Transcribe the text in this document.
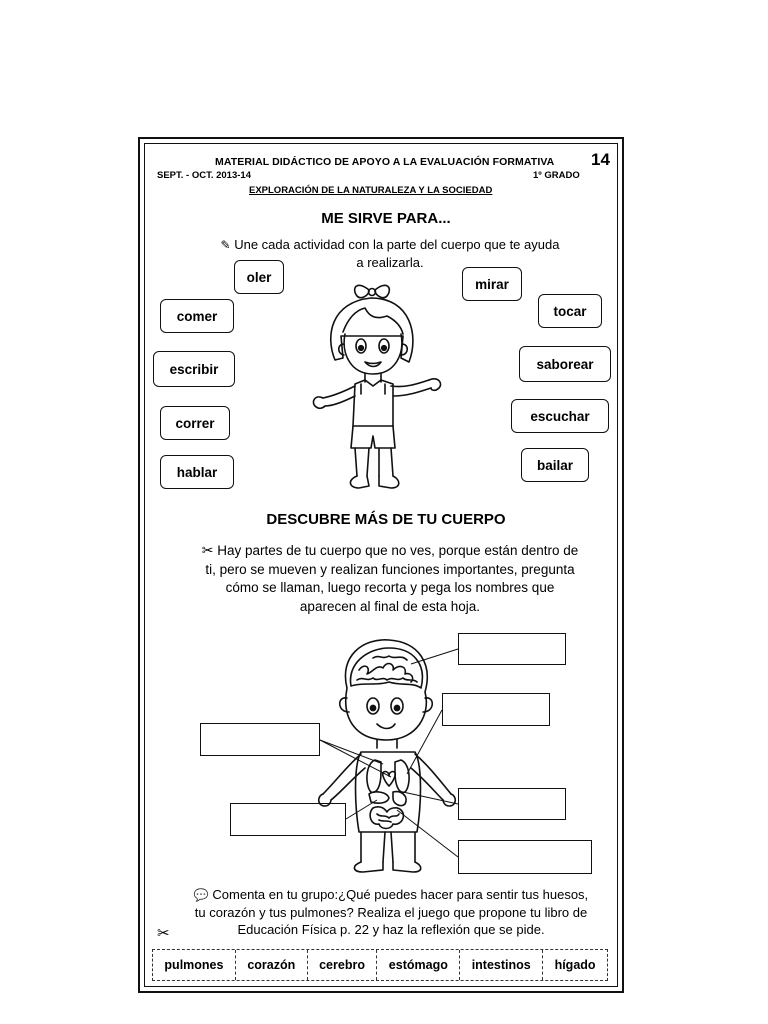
MATERIAL DIDÁCTICO DE APOYO A LA EVALUACIÓN FORMATIVA 14
SEPT. - OCT. 2013-14	1º GRADO
EXPLORACIÓN DE LA NATURALEZA Y LA SOCIEDAD
ME SIRVE PARA...
✎ Une cada actividad con la parte del cuerpo que te ayuda
a realizarla.
oler	mirar
comer	tocar
escribir	saborear
correr	escuchar
hablar	bailar
DESCUBRE MÁS DE TU CUERPO
✂ Hay partes de tu cuerpo que no ves, porque están dentro de
ti, pero se mueven y realizan funciones importantes, pregunta
cómo se llaman, luego recorta y pega los nombres que
aparecen al final de esta hoja.
💬 Comenta en tu grupo:¿Qué puedes hacer para sentir tus huesos,
tu corazón y tus pulmones? Realiza el juego que propone tu libro de
Educación Física p. 22 y haz la reflexión que se pide.
✂
pulmones	corazón	cerebro	estómago	intestinos	hígado
